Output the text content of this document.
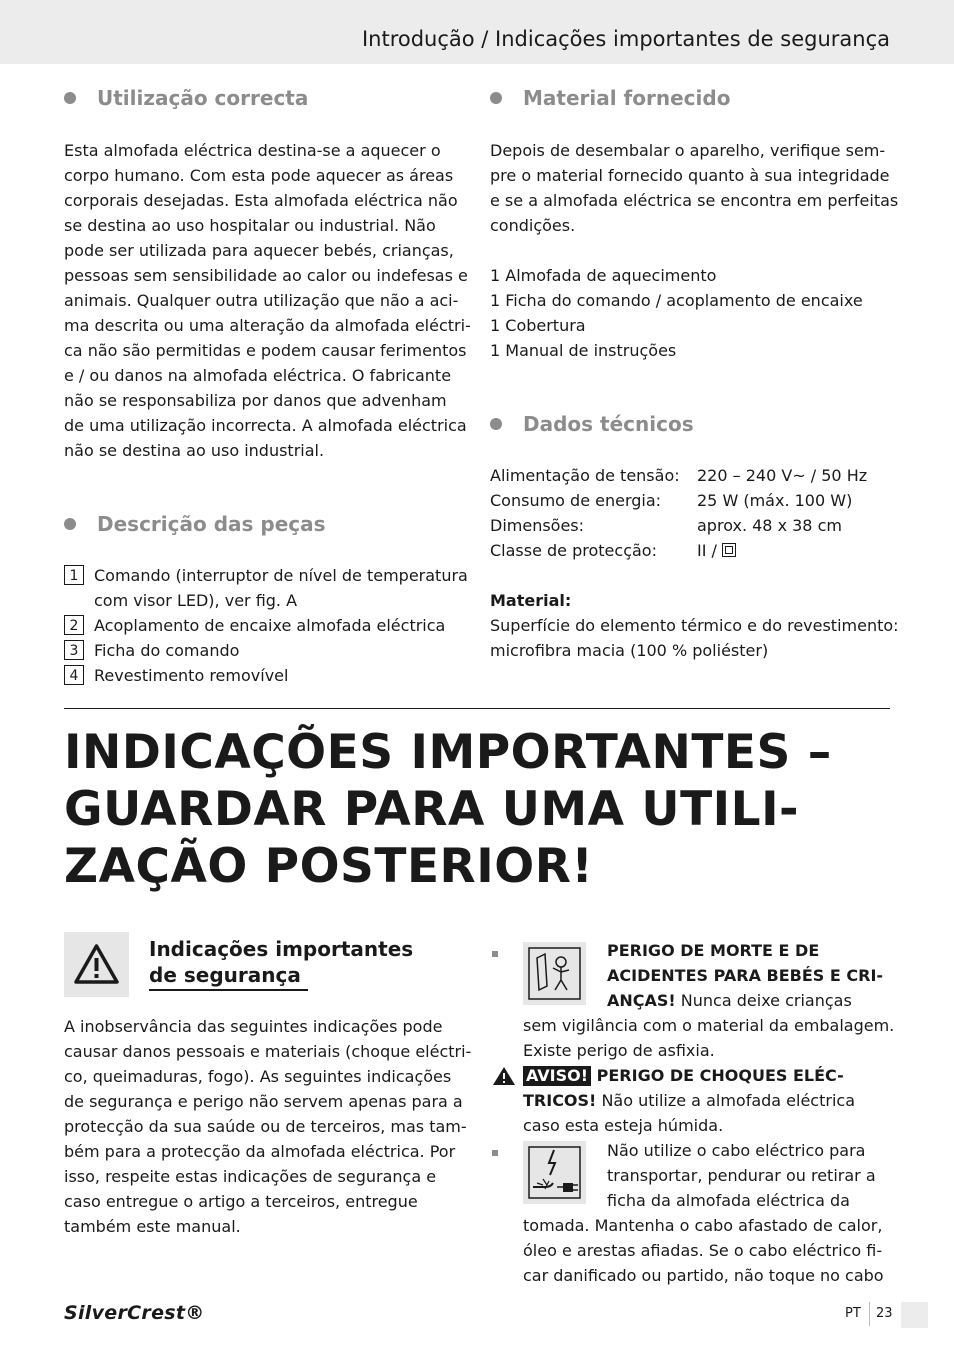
Introdução / Indicações importantes de segurança
Utilização correcta
Esta almofada eléctrica destina-se a aquecer o
corpo humano. Com esta pode aquecer as áreas
corporais desejadas. Esta almofada eléctrica não
se destina ao uso hospitalar ou industrial. Não
pode ser utilizada para aquecer bebés, crianças,
pessoas sem sensibilidade ao calor ou indefesas e
animais. Qualquer outra utilização que não a aci-
ma descrita ou uma alteração da almofada eléctri-
ca não são permitidas e podem causar ferimentos
e / ou danos na almofada eléctrica. O fabricante
não se responsabiliza por danos que advenham
de uma utilização incorrecta. A almofada eléctrica
não se destina ao uso industrial.
Descrição das peças
1 Comando (interruptor de nível de temperatura
com visor LED), ver fig. A
2 Acoplamento de encaixe almofada eléctrica
3 Ficha do comando
4 Revestimento removível
Material fornecido
Depois de desembalar o aparelho, verifique sem-
pre o material fornecido quanto à sua integridade
e se a almofada eléctrica se encontra em perfeitas
condições.
1 Almofada de aquecimento
1 Ficha do comando / acoplamento de encaixe
1 Cobertura
1 Manual de instruções
Dados técnicos
Alimentação de tensão:	220 – 240 V~ / 50 Hz
Consumo de energia:	25 W (máx. 100 W)
Dimensões:	aprox. 48 x 38 cm
Classe de protecção:	II /
Material:
Superfície do elemento térmico e do revestimento:
microfibra macia (100 % poliéster)
INDICAÇÕES IMPORTANTES –
GUARDAR PARA UMA UTILI-
ZAÇÃO POSTERIOR!
Indicações importantes
de segurança
A inobservância das seguintes indicações pode
causar danos pessoais e materiais (choque eléctri-
co, queimaduras, fogo). As seguintes indicações
de segurança e perigo não servem apenas para a
protecção da sua saúde ou de terceiros, mas tam-
bém para a protecção da almofada eléctrica. Por
isso, respeite estas indicações de segurança e
caso entregue o artigo a terceiros, entregue
também este manual.
PERIGO DE MORTE E DE
ACIDENTES PARA BEBÉS E CRI-
ANÇAS! Nunca deixe crianças
sem vigilância com o material da embalagem.
Existe perigo de asfixia.
AVISO! PERIGO DE CHOQUES ELÉC-
TRICOS! Não utilize a almofada eléctrica
caso esta esteja húmida.
Não utilize o cabo eléctrico para
transportar, pendurar ou retirar a
ficha da almofada eléctrica da
tomada. Mantenha o cabo afastado de calor,
óleo e arestas afiadas. Se o cabo eléctrico fi-
car danificado ou partido, não toque no cabo
SilverCrest®	PT 23
